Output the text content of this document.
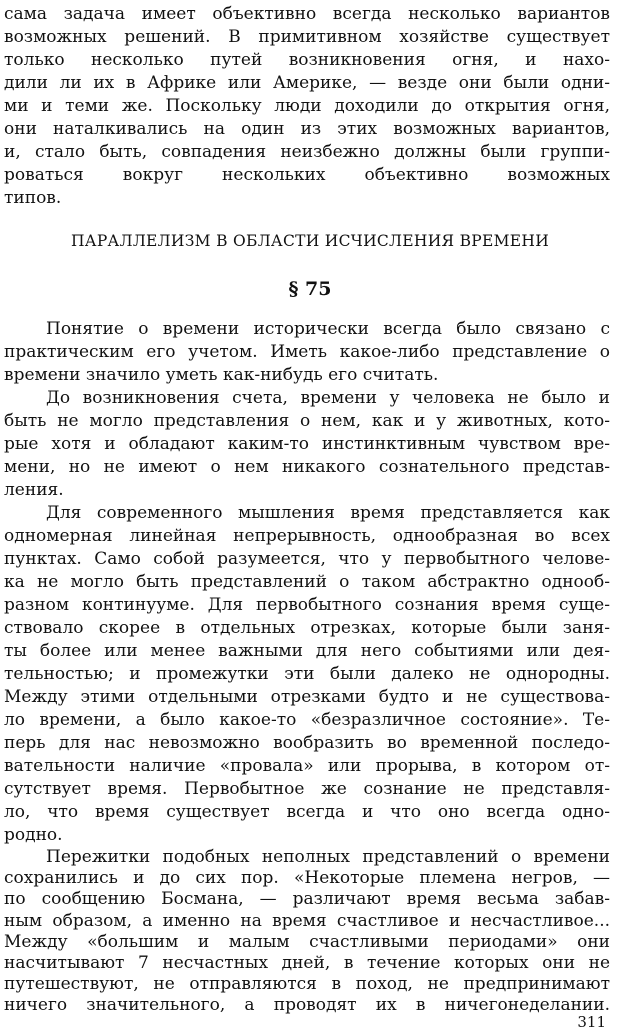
сама задача имеет объективно всегда несколько вариантов
возможных решений. В примитивном хозяйстве существует
только несколько путей возникновения огня, и нахо-
дили ли их в Африке или Америке, — везде они были одни-
ми и теми же. Поскольку люди доходили до открытия огня,
они наталкивались на один из этих возможных вариантов,
и, стало быть, совпадения неизбежно должны были группи-
роваться вокруг нескольких объективно возможных
типов.
ПАРАЛЛЕЛИЗМ В ОБЛАСТИ ИСЧИСЛЕНИЯ ВРЕМЕНИ
§ 75
Понятие о времени исторически всегда было связано с
практическим его учетом. Иметь какое-либо представление о
времени значило уметь как-нибудь его считать.
До возникновения счета, времени у человека не было и
быть не могло представления о нем, как и у животных, кото-
рые хотя и обладают каким-то инстинктивным чувством вре-
мени, но не имеют о нем никакого сознательного представ-
ления.
Для современного мышления время представляется как
одномерная линейная непрерывность, однообразная во всех
пунктах. Само собой разумеется, что у первобытного челове-
ка не могло быть представлений о таком абстрактно однооб-
разном континууме. Для первобытного сознания время суще-
ствовало скорее в отдельных отрезках, которые были заня-
ты более или менее важными для него событиями или дея-
тельностью; и промежутки эти были далеко не однородны.
Между этими отдельными отрезками будто и не существова-
ло времени, а было какое-то «безразличное состояние». Те-
перь для нас невозможно вообразить во временной последо-
вательности наличие «провала» или прорыва, в котором от-
сутствует время. Первобытное же сознание не представля-
ло, что время существует всегда и что оно всегда одно-
родно.
Пережитки подобных неполных представлений о времени
сохранились и до сих пор. «Некоторые племена негров, —
по сообщению Босмана, — различают время весьма забав-
ным образом, а именно на время счастливое и несчастливое...
Между «большим и малым счастливыми периодами» они
насчитывают 7 несчастных дней, в течение которых они не
путешествуют, не отправляются в поход, не предпринимают
ничего значительного, а проводят их в ничегонеделании.
311
